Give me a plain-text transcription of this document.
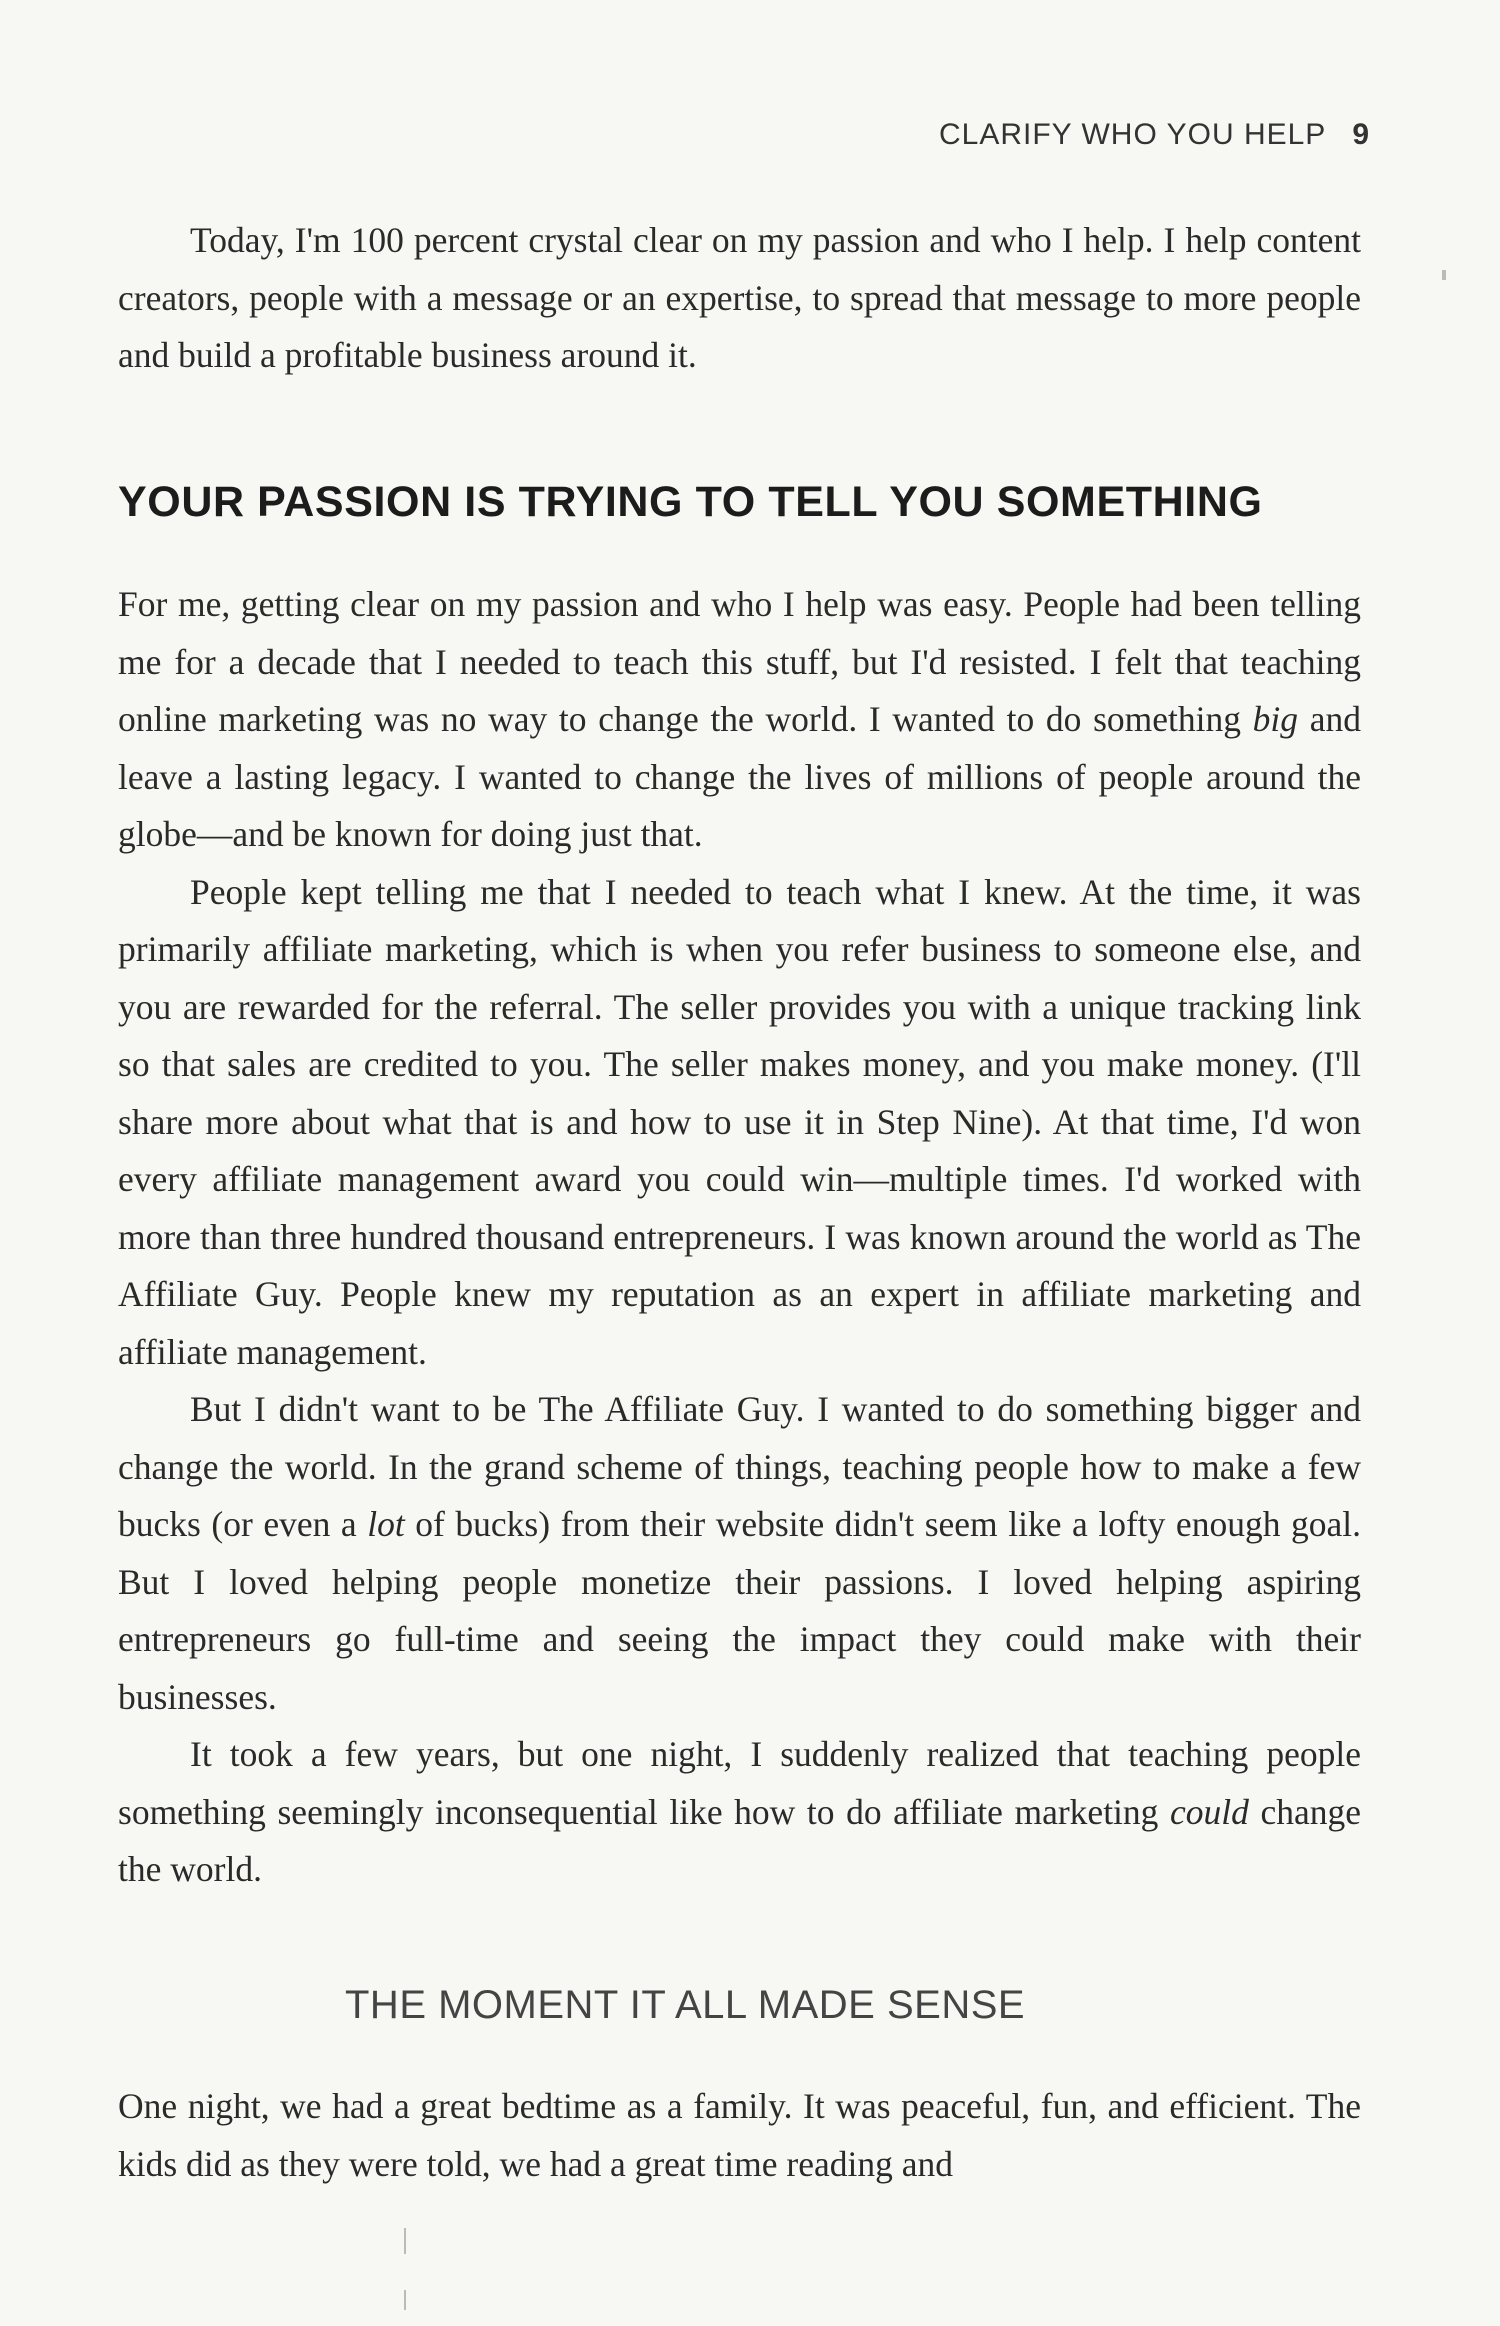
CLARIFY WHO YOU HELP 9

Today, I'm 100 percent crystal clear on my passion and who I help. I help content creators, people with a message or an expertise, to spread that message to more people and build a profitable business around it.

YOUR PASSION IS TRYING TO TELL YOU SOMETHING

For me, getting clear on my passion and who I help was easy. People had been telling me for a decade that I needed to teach this stuff, but I'd resisted. I felt that teaching online marketing was no way to change the world. I wanted to do something big and leave a lasting legacy. I wanted to change the lives of millions of people around the globe—and be known for doing just that.

People kept telling me that I needed to teach what I knew. At the time, it was primarily affiliate marketing, which is when you refer business to someone else, and you are rewarded for the referral. The seller provides you with a unique tracking link so that sales are credited to you. The seller makes money, and you make money. (I'll share more about what that is and how to use it in Step Nine). At that time, I'd won every affiliate management award you could win—multiple times. I'd worked with more than three hundred thousand entrepreneurs. I was known around the world as The Affiliate Guy. People knew my reputation as an expert in affiliate marketing and affiliate management.

But I didn't want to be The Affiliate Guy. I wanted to do something bigger and change the world. In the grand scheme of things, teaching people how to make a few bucks (or even a lot of bucks) from their website didn't seem like a lofty enough goal. But I loved helping people monetize their passions. I loved helping aspiring entrepreneurs go full-time and seeing the impact they could make with their businesses.

It took a few years, but one night, I suddenly realized that teaching people something seemingly inconsequential like how to do affiliate marketing could change the world.

THE MOMENT IT ALL MADE SENSE

One night, we had a great bedtime as a family. It was peaceful, fun, and efficient. The kids did as they were told, we had a great time reading and
